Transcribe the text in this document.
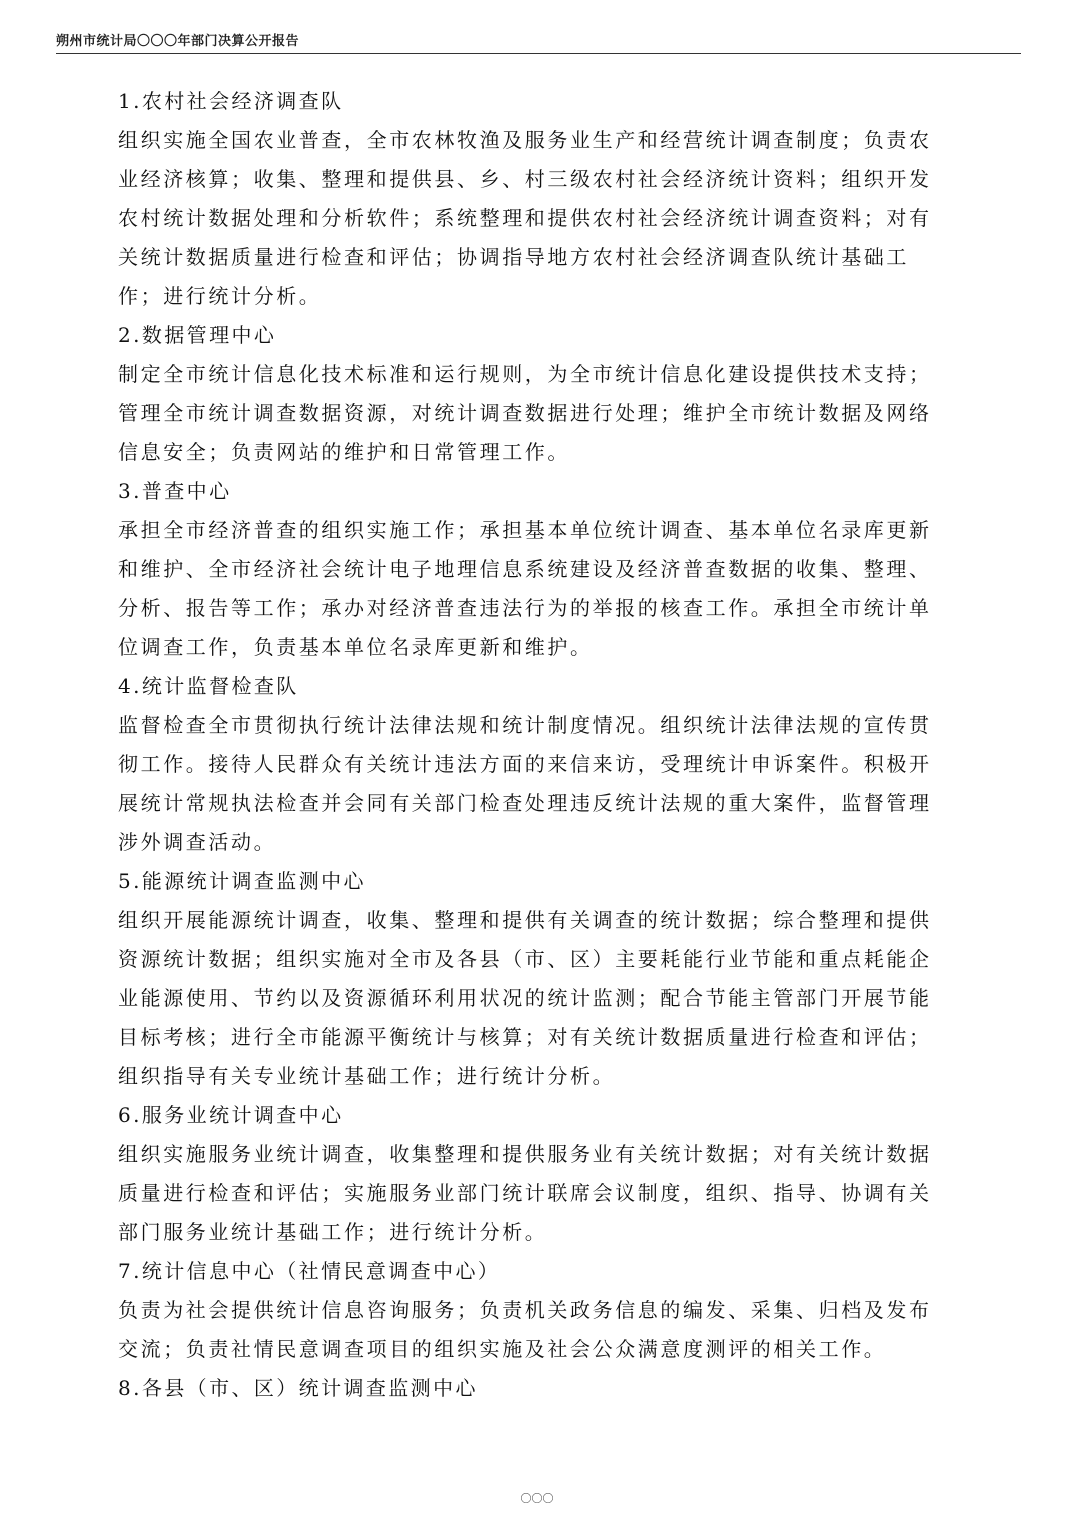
朔州市统计局〇〇〇年部门决算公开报告
1.农村社会经济调查队
组织实施全国农业普查，全市农林牧渔及服务业生产和经营统计调查制度；负责农
业经济核算；收集、整理和提供县、乡、村三级农村社会经济统计资料；组织开发
农村统计数据处理和分析软件；系统整理和提供农村社会经济统计调查资料；对有
关统计数据质量进行检查和评估；协调指导地方农村社会经济调查队统计基础工
作；进行统计分析。
2.数据管理中心
制定全市统计信息化技术标准和运行规则，为全市统计信息化建设提供技术支持；
管理全市统计调查数据资源，对统计调查数据进行处理；维护全市统计数据及网络
信息安全；负责网站的维护和日常管理工作。
3.普查中心
承担全市经济普查的组织实施工作；承担基本单位统计调查、基本单位名录库更新
和维护、全市经济社会统计电子地理信息系统建设及经济普查数据的收集、整理、
分析、报告等工作；承办对经济普查违法行为的举报的核查工作。承担全市统计单
位调查工作，负责基本单位名录库更新和维护。
4.统计监督检查队
监督检查全市贯彻执行统计法律法规和统计制度情况。组织统计法律法规的宣传贯
彻工作。接待人民群众有关统计违法方面的来信来访，受理统计申诉案件。积极开
展统计常规执法检查并会同有关部门检查处理违反统计法规的重大案件，监督管理
涉外调查活动。
5.能源统计调查监测中心
组织开展能源统计调查，收集、整理和提供有关调查的统计数据；综合整理和提供
资源统计数据；组织实施对全市及各县（市、区）主要耗能行业节能和重点耗能企
业能源使用、节约以及资源循环利用状况的统计监测；配合节能主管部门开展节能
目标考核；进行全市能源平衡统计与核算；对有关统计数据质量进行检查和评估；
组织指导有关专业统计基础工作；进行统计分析。
6.服务业统计调查中心
组织实施服务业统计调查，收集整理和提供服务业有关统计数据；对有关统计数据
质量进行检查和评估；实施服务业部门统计联席会议制度，组织、指导、协调有关
部门服务业统计基础工作；进行统计分析。
7.统计信息中心（社情民意调查中心）
负责为社会提供统计信息咨询服务；负责机关政务信息的编发、采集、归档及发布
交流；负责社情民意调查项目的组织实施及社会公众满意度测评的相关工作。
8.各县（市、区）统计调查监测中心
〇〇〇
